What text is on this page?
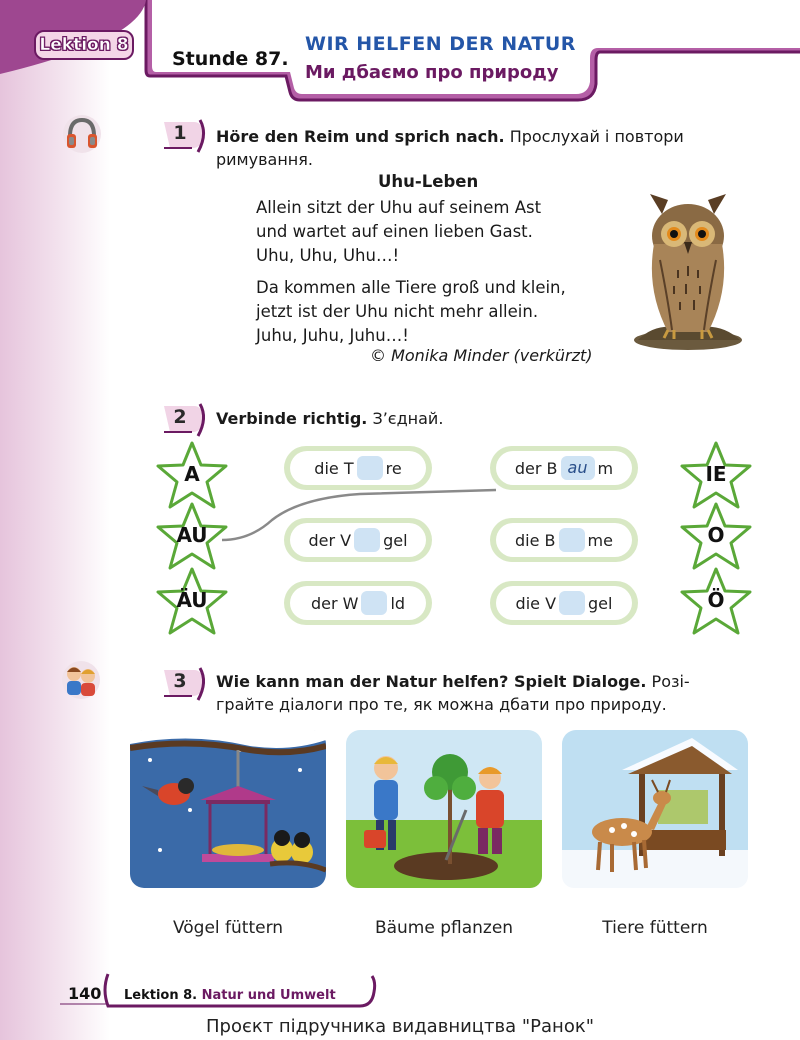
Lektion 8
Stunde 87.
WIR HELFEN DER NATUR
Ми дбаємо про природу
1	Höre den Reim und sprich nach. Прослухай і повтори
римування.
Uhu-Leben
Allein sitzt der Uhu auf seinem Ast
und wartet auf einen lieben Gast.
Uhu, Uhu, Uhu…!
Da kommen alle Tiere groß und klein,
jetzt ist der Uhu nicht mehr allein.
Juhu, Juhu, Juhu…!
© Monika Minder (verkürzt)
2	Verbinde richtig. З’єднай.
A
AU
ÄU
IE
O
Ö
die T re
der V gel
der W ld
der B au m
die B me
die V gel
3	Wie kann man der Natur helfen? Spielt Dialoge. Розі-
грайте діалоги про те, як можна дбати про природу.
Vögel füttern	Bäume pflanzen	Tiere füttern
140 Lektion 8. Natur und Umwelt
Проєкт підручника видавництва "Ранок"
